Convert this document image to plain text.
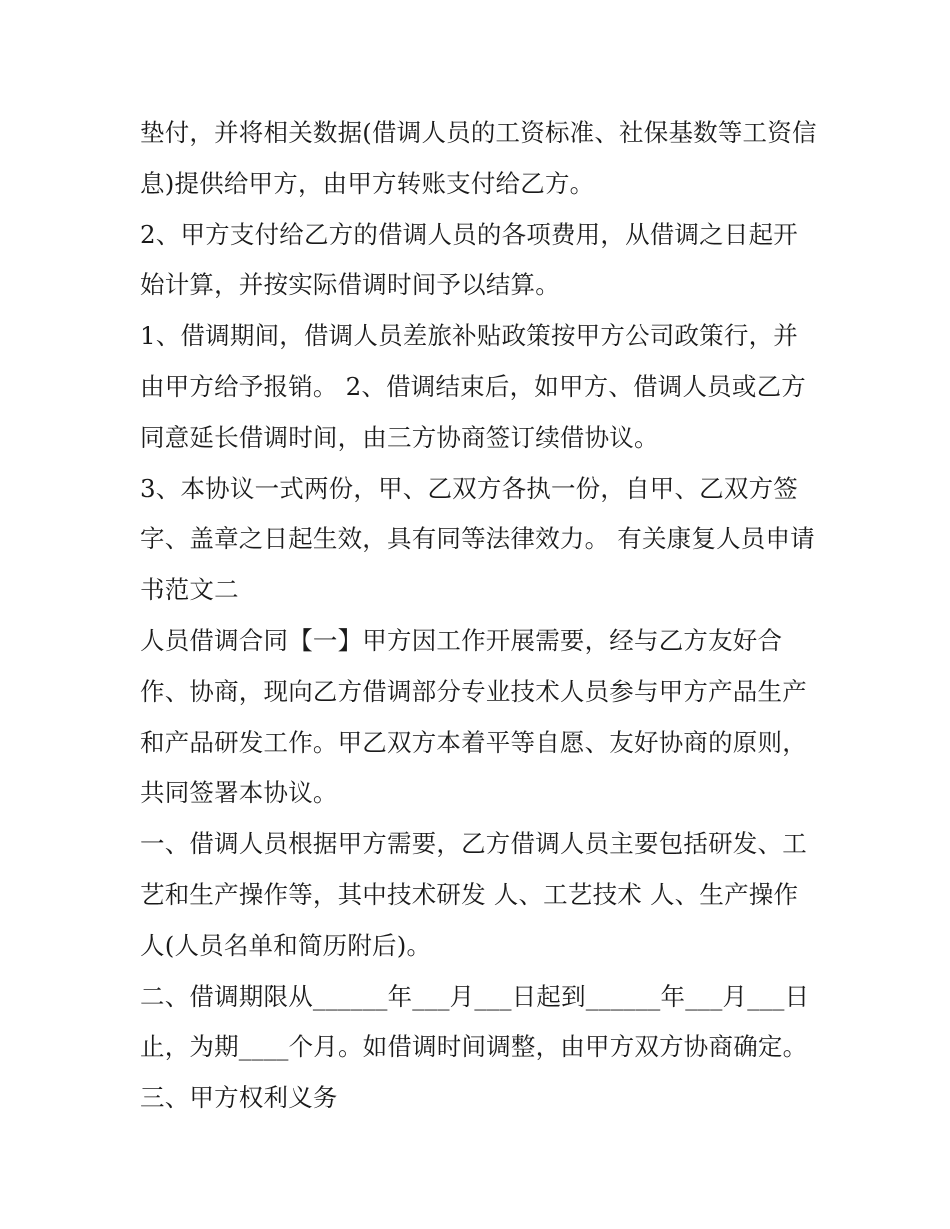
垫付，并将相关数据(借调人员的工资标准、社保基数等工资信息)提供给甲方，由甲方转账支付给乙方。

2、甲方支付给乙方的借调人员的各项费用，从借调之日起开始计算，并按实际借调时间予以结算。

1、借调期间，借调人员差旅补贴政策按甲方公司政策行，并由甲方给予报销。 2、借调结束后，如甲方、借调人员或乙方同意延长借调时间，由三方协商签订续借协议。

3、本协议一式两份，甲、乙双方各执一份，自甲、乙双方签字、盖章之日起生效，具有同等法律效力。 有关康复人员申请书范文二

人员借调合同【一】甲方因工作开展需要，经与乙方友好合作、协商，现向乙方借调部分专业技术人员参与甲方产品生产和产品研发工作。甲乙双方本着平等自愿、友好协商的原则，共同签署本协议。

一、借调人员根据甲方需要，乙方借调人员主要包括研发、工艺和生产操作等，其中技术研发 人、工艺技术 人、生产操作人(人员名单和简历附后)。

二、借调期限从______年___月___日起到______年___月___日止，为期____个月。如借调时间调整，由甲方双方协商确定。

三、甲方权利义务
